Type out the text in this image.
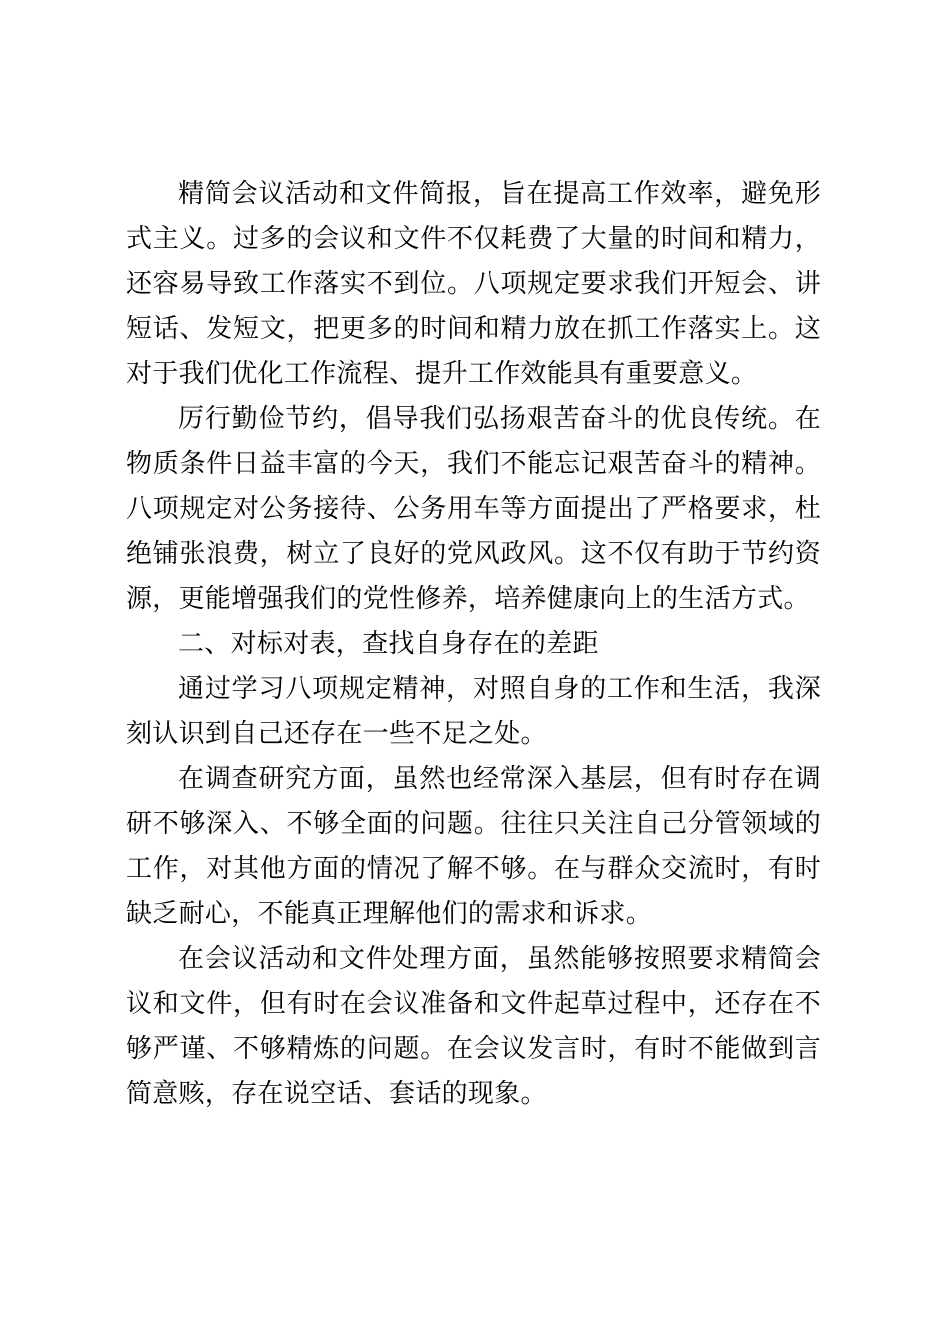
精简会议活动和文件简报，旨在提高工作效率，避免形式主义。过多的会议和文件不仅耗费了大量的时间和精力，还容易导致工作落实不到位。八项规定要求我们开短会、讲短话、发短文，把更多的时间和精力放在抓工作落实上。这对于我们优化工作流程、提升工作效能具有重要意义。

厉行勤俭节约，倡导我们弘扬艰苦奋斗的优良传统。在物质条件日益丰富的今天，我们不能忘记艰苦奋斗的精神。八项规定对公务接待、公务用车等方面提出了严格要求，杜绝铺张浪费，树立了良好的党风政风。这不仅有助于节约资源，更能增强我们的党性修养，培养健康向上的生活方式。

二、对标对表，查找自身存在的差距

通过学习八项规定精神，对照自身的工作和生活，我深刻认识到自己还存在一些不足之处。

在调查研究方面，虽然也经常深入基层，但有时存在调研不够深入、不够全面的问题。往往只关注自己分管领域的工作，对其他方面的情况了解不够。在与群众交流时，有时缺乏耐心，不能真正理解他们的需求和诉求。

在会议活动和文件处理方面，虽然能够按照要求精简会议和文件，但有时在会议准备和文件起草过程中，还存在不够严谨、不够精炼的问题。在会议发言时，有时不能做到言简意赅，存在说空话、套话的现象。
